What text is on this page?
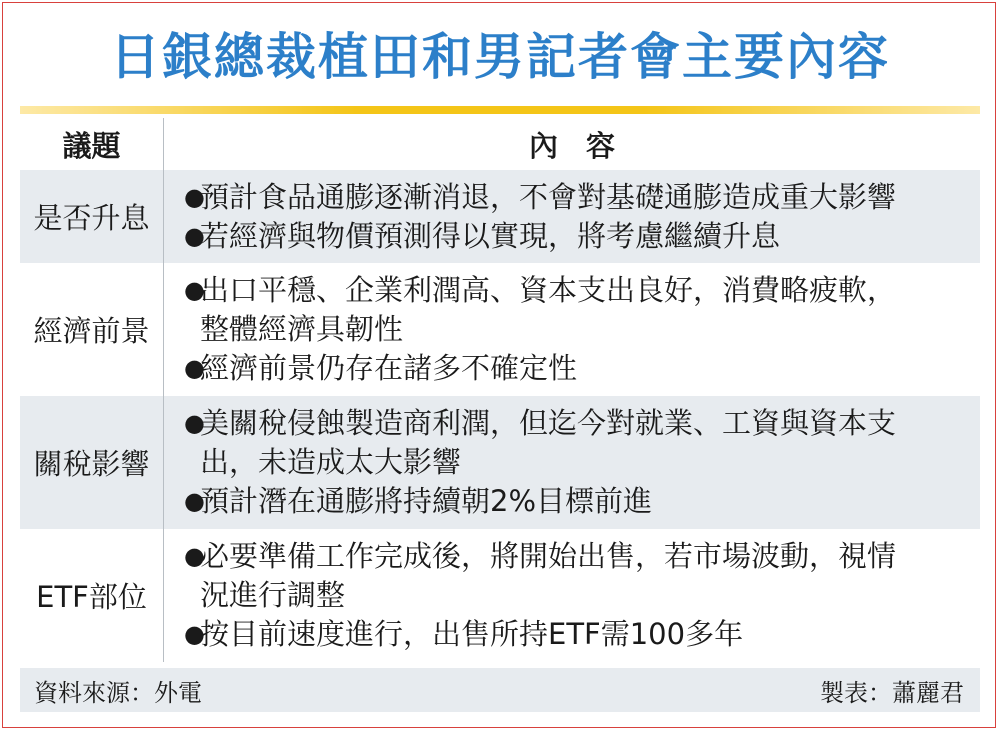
日銀總裁植田和男記者會主要內容
議題	內容
是否升息
●
預計食品通膨逐漸消退，不會對基礎通膨造成重大影響
●
若經濟與物價預測得以實現，將考慮繼續升息
經濟前景
●
出口平穩、企業利潤高、資本支出良好，消費略疲軟，
整體經濟具韌性
●
經濟前景仍存在諸多不確定性
關稅影響
●
美關稅侵蝕製造商利潤，但迄今對就業、工資與資本支
出，未造成太大影響
●
預計潛在通膨將持續朝2%目標前進
ETF部位
●
必要準備工作完成後，將開始出售，若市場波動，視情
況進行調整
●
按目前速度進行，出售所持ETF需100多年
資料來源：外電	製表：蕭麗君
